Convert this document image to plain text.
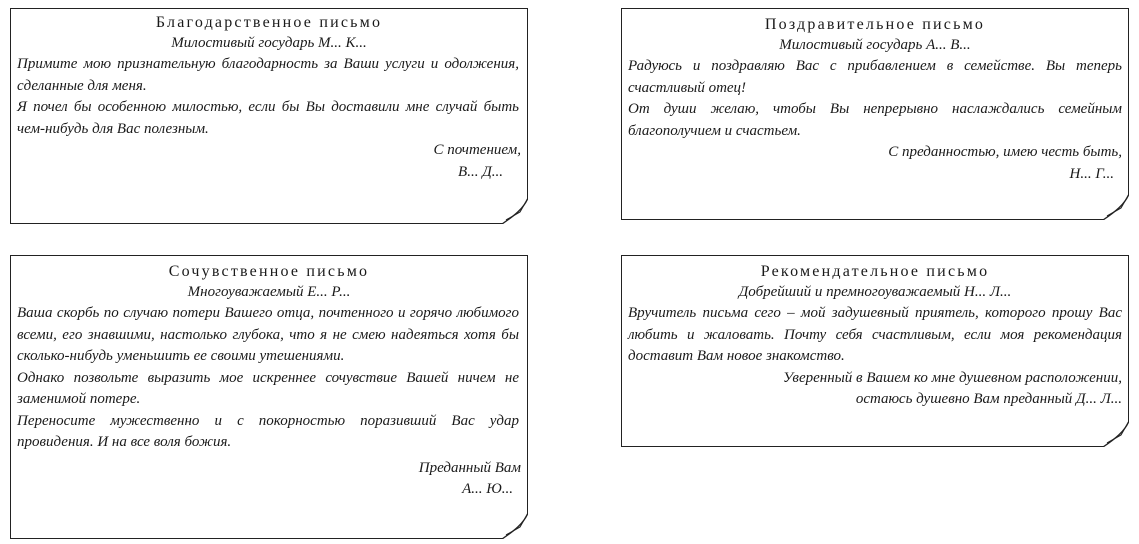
Благодарственное письмо

Милостивый государь М... К...

Примите мою признательную благодарность за Ваши услуги и одолжения, сделанные для меня.

Я почел бы особенною милостью, если бы Вы доставили мне случай быть чем-нибудь для Вас полезным.

С почтением,

В... Д...

Поздравительное письмо

Милостивый государь А... В...

Радуюсь и поздравляю Вас с прибавлением в семействе. Вы теперь счастливый отец!

От души желаю, чтобы Вы непрерывно наслаждались семейным благополучием и счастьем.

С преданностью, имею честь быть,

Н... Г...

Сочувственное письмо

Многоуважаемый Е... Р...

Ваша скорбь по случаю потери Вашего отца, почтенного и горячо любимого всеми, его знавшими, настолько глубока, что я не смею надеяться хотя бы сколько-нибудь уменьшить ее своими утешениями.

Однако позвольте выразить мое искреннее сочувствие Вашей ничем не заменимой потере.

Переносите мужественно и с покорностью поразивший Вас удар провидения. И на все воля божия.

Преданный Вам

А... Ю...

Рекомендательное письмо

Добрейший и премногоуважаемый Н... Л...

Вручитель письма сего – мой задушевный приятель, которого прошу Вас любить и жаловать. Почту себя счастливым, если моя рекомендация доставит Вам новое знакомство.

Уверенный в Вашем ко мне душевном расположении,

остаюсь душевно Вам преданный Д... Л...
